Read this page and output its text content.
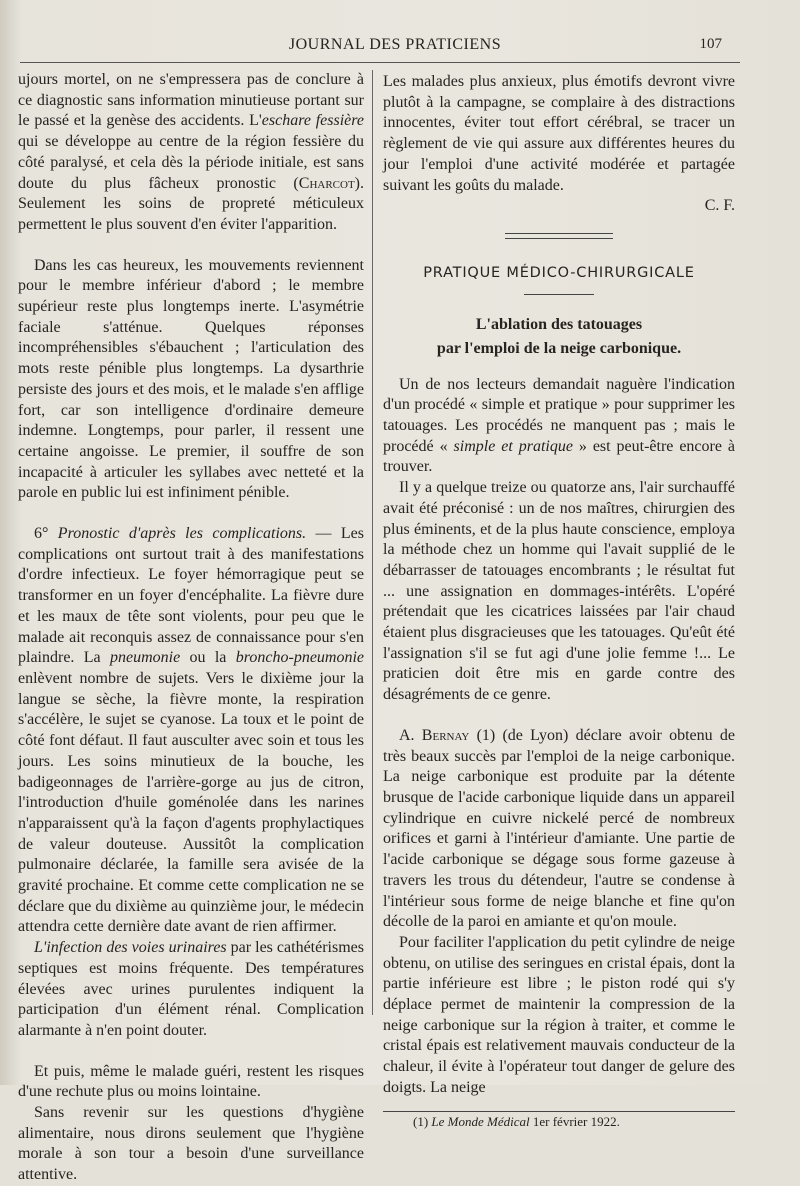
JOURNAL DES PRATICIENS	107

ujours mortel, on ne s'empressera pas de conclure à ce diagnostic sans information minutieuse portant sur le passé et la genèse des accidents. L'eschare fessière qui se développe au centre de la région fessière du côté paralysé, et cela dès la période initiale, est sans doute du plus fâcheux pronostic (Charcot). Seulement les soins de propreté méticuleux permettent le plus souvent d'en éviter l'apparition.

Dans les cas heureux, les mouvements reviennent pour le membre inférieur d'abord ; le membre supérieur reste plus longtemps inerte. L'asymétrie faciale s'atténue. Quelques réponses incompréhensibles s'ébauchent ; l'articulation des mots reste pénible plus longtemps. La dysarthrie persiste des jours et des mois, et le malade s'en afflige fort, car son intelligence d'ordinaire demeure indemne. Longtemps, pour parler, il ressent une certaine angoisse. Le premier, il souffre de son incapacité à articuler les syllabes avec netteté et la parole en public lui est infiniment pénible.

6° Pronostic d'après les complications. — Les complications ont surtout trait à des manifestations d'ordre infectieux. Le foyer hémorragique peut se transformer en un foyer d'encéphalite. La fièvre dure et les maux de tête sont violents, pour peu que le malade ait reconquis assez de connaissance pour s'en plaindre. La pneumonie ou la broncho-pneumonie enlèvent nombre de sujets. Vers le dixième jour la langue se sèche, la fièvre monte, la respiration s'accélère, le sujet se cyanose. La toux et le point de côté font défaut. Il faut ausculter avec soin et tous les jours. Les soins minutieux de la bouche, les badigeonnages de l'arrière-gorge au jus de citron, l'introduction d'huile goménolée dans les narines n'apparaissent qu'à la façon d'agents prophylactiques de valeur douteuse. Aussitôt la complication pulmonaire déclarée, la famille sera avisée de la gravité prochaine. Et comme cette complication ne se déclare que du dixième au quinzième jour, le médecin attendra cette dernière date avant de rien affirmer.

L'infection des voies urinaires par les cathétérismes septiques est moins fréquente. Des températures élevées avec urines purulentes indiquent la participation d'un élément rénal. Complication alarmante à n'en point douter.

Et puis, même le malade guéri, restent les risques d'une rechute plus ou moins lointaine.

Sans revenir sur les questions d'hygiène alimentaire, nous dirons seulement que l'hygiène morale à son tour a besoin d'une surveillance attentive.

Les malades plus anxieux, plus émotifs devront vivre plutôt à la campagne, se complaire à des distractions innocentes, éviter tout effort cérébral, se tracer un règlement de vie qui assure aux différentes heures du jour l'emploi d'une activité modérée et partagée suivant les goûts du malade.

C. F.

PRATIQUE MÉDICO-CHIRURGICALE
L'ablation des tatouages
par l'emploi de la neige carbonique.

Un de nos lecteurs demandait naguère l'indication d'un procédé « simple et pratique » pour supprimer les tatouages. Les procédés ne manquent pas ; mais le procédé « simple et pratique » est peut-être encore à trouver.

Il y a quelque treize ou quatorze ans, l'air surchauffé avait été préconisé : un de nos maîtres, chirurgien des plus éminents, et de la plus haute conscience, employa la méthode chez un homme qui l'avait supplié de le débarrasser de tatouages encombrants ; le résultat fut ... une assignation en dommages-intérêts. L'opéré prétendait que les cicatrices laissées par l'air chaud étaient plus disgracieuses que les tatouages. Qu'eût été l'assignation s'il se fut agi d'une jolie femme !... Le praticien doit être mis en garde contre des désagréments de ce genre.

A. Bernay (1) (de Lyon) déclare avoir obtenu de très beaux succès par l'emploi de la neige carbonique. La neige carbonique est produite par la détente brusque de l'acide carbonique liquide dans un appareil cylindrique en cuivre nickelé percé de nombreux orifices et garni à l'intérieur d'amiante. Une partie de l'acide carbonique se dégage sous forme gazeuse à travers les trous du détendeur, l'autre se condense à l'intérieur sous forme de neige blanche et fine qu'on décolle de la paroi en amiante et qu'on moule.

Pour faciliter l'application du petit cylindre de neige obtenu, on utilise des seringues en cristal épais, dont la partie inférieure est libre ; le piston rodé qui s'y déplace permet de maintenir la compression de la neige carbonique sur la région à traiter, et comme le cristal épais est relativement mauvais conducteur de la chaleur, il évite à l'opérateur tout danger de gelure des doigts. La neige

(1) Le Monde Médical 1er février 1922.
